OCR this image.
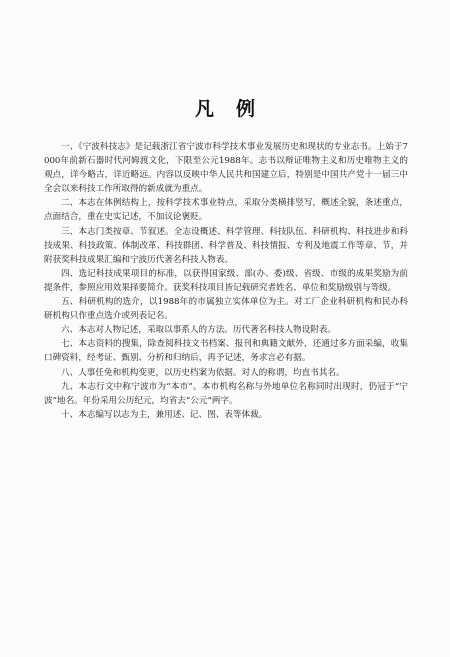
凡例

一、《宁波科技志》是记载浙江省宁波市科学技术事业发展历史和现状的专业志书。上始于7000年前新石器时代河姆渡文化，下限至公元1988年。志书以辩证唯物主义和历史唯物主义的观点，详今略古，详近略远。内容以反映中华人民共和国建立后，特别是中国共产党十一届三中全会以来科技工作所取得的新成就为重点。

二、本志在体例结构上，按科学技术事业特点，采取分类横排竖写，概述全貌，条述重点，点面结合，重在史实记述，不加议论褒贬。

三、本志门类按章、节叙述。全志设概述、科学管理、科技队伍、科研机构、科技进步和科技成果、科技政策、体制改革、科技群团、科学普及、科技情报、专利及地震工作等章、节，并附获奖科技成果汇编和宁波历代著名科技人物表。

四、选记科技成果项目的标准，以获得国家级、部(办、委)级、省级、市级的成果奖励为前提条件，参照应用效果择要简介。获奖科技项目皆记载研究者姓名、单位和奖励级别与等级。

五、科研机构的选介，以1988年的市属独立实体单位为主。对工厂企业科研机构和民办科研机构只作重点选介或列表记名。

六、本志对人物记述，采取以事系人的方法。历代著名科技人物设附表。

七、本志资料的搜集，除查阅科技文书档案、报刊和典籍文献外，还通过多方面采编，收集口碑资料，经考证、甄别、分析和归纳后，再予记述，务求言必有据。

八、人事任免和机构变更，以历史档案为依据。对人的称谓，均直书其名。

九、本志行文中称宁波市为“本市”。本市机构名称与外地单位名称同时出现时，仍冠于“宁波”地名。年份采用公历纪元，均省去“公元”两字。

十、本志编写以志为主，兼用述、记、图、表等体裁。
